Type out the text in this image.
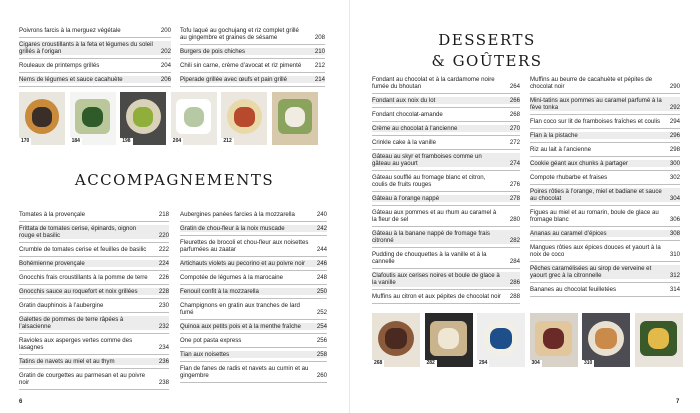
Poivrons farcis à la merguez végétale	200
Cigares croustillants à la feta et légumes du soleil grillés à l’origan	202
Rouleaux de printemps grillés	204
Nems de légumes et sauce cacahuète	206
Tofu laqué au gochujang et riz complet grillé au gingembre et graines de sésame	208
Burgers de pois chiches	210
Chili sin carne, crème d’avocat et riz pimenté 212
Piperade grillée avec œufs et pain grillé	214
ACCOMPAGNEMENTS
Tomates à la provençale	218
Frittata de tomates cerise, épinards, oignon rouge et basilic	220
Crumble de tomates cerise et feuilles de basilic 222
Bohémienne provençale	224
Gnocchis frais croustillants à la pomme de terre 226
Gnocchis sauce au roquefort et noix grillées	228
Gratin dauphinois à l’aubergine	230
Galettes de pommes de terre râpées à l’alsacienne	232
Ravioles aux asperges vertes comme des lasagnes	234
Tatins de navets au miel et au thym	236
Gratin de courgettes au parmesan et au poivre noir	238
Aubergines panées farcies à la mozzarella	240
Gratin de chou-fleur à la noix muscade	242
Fleurettes de brocoli et chou-fleur aux noisettes parfumées au zaatar	244
Artichauts violets au pecorino et au poivre noir 246
Compotée de légumes à la marocaine	248
Fenouil confit à la mozzarella	250
Champignons en gratin aux tranches de lard fumé	252
Quinoa aux petits pois et à la menthe fraîche	254
One pot pasta express	256
Tian aux noisettes	258
Flan de fanes de radis et navets au cumin et au gingembre	260
DESSERTS
& GOÛTERS
Fondant au chocolat et à la cardamome noire fumée du bhoutan	264
Fondant aux noix du lot	266
Fondant chocolat-amande	268
Crème au chocolat à l’ancienne	270
Crinkle cake à la vanille	272
Gâteau au skyr et framboises comme un gâteau au yaourt	274
Gâteau soufflé au fromage blanc et citron, coulis de fruits rouges	276
Gâteau à l’orange nappé	278
Gâteau aux pommes et au rhum au caramel à la fleur de sel	280
Gâteau à la banane nappé de fromage frais citronné	282
Pudding de chouquettes à la vanille et à la cannelle	284
Clafoutis aux cerises noires et boule de glace à la vanille	286
Muffins au citron et aux pépites de chocolat noir 288
Muffins au beurre de cacahuète et pépites de chocolat noir	290
Mini-tatins aux pommes au caramel parfumé à la fève tonka	292
Flan coco sur lit de framboises fraîches et coulis 294
Flan à la pistache	296
Riz au lait à l’ancienne	298
Cookie géant aux chunks à partager	300
Compote rhubarbe et fraises	302
Poires rôties à l’orange, miel et badiane et sauce au chocolat	304
Figues au miel et au romarin, boule de glace au fromage blanc	306
Ananas au caramel d’épices	308
Mangues rôties aux épices douces et yaourt à la noix de coco	310
Pêches caramélisées au sirop de verveine et yaourt grec à la citronnelle	312
Bananes au chocolat feuilletées	314
6	7
170	184	198	204	212
268	282	294	304	310
